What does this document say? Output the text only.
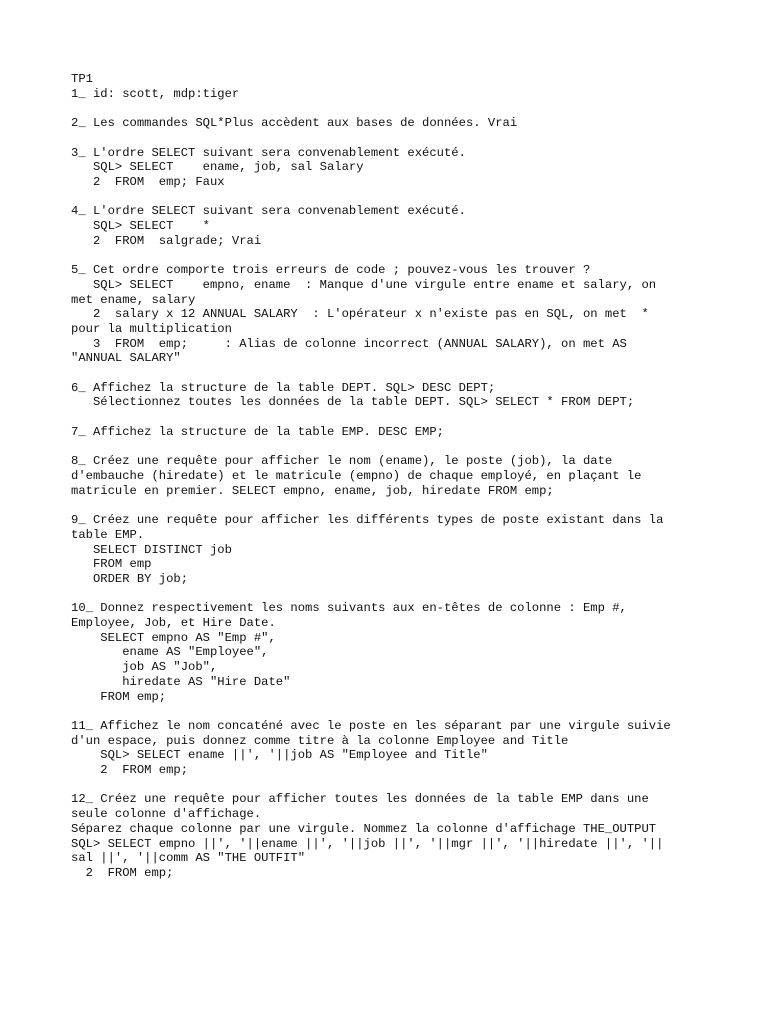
TP1
1_ id: scott, mdp:tiger

2_ Les commandes SQL*Plus accèdent aux bases de données. Vrai

3_ L'ordre SELECT suivant sera convenablement exécuté.
SQL> SELECT    ename, job, sal Salary
2  FROM  emp; Faux

4_ L'ordre SELECT suivant sera convenablement exécuté.
SQL> SELECT    *
2  FROM  salgrade; Vrai

5_ Cet ordre comporte trois erreurs de code ; pouvez-vous les trouver ?
SQL> SELECT    empno, ename  : Manque d'une virgule entre ename et salary, on
met ename, salary
2  salary x 12 ANNUAL SALARY  : L'opérateur x n'existe pas en SQL, on met  *
pour la multiplication
3  FROM  emp;     : Alias de colonne incorrect (ANNUAL SALARY), on met AS
"ANNUAL SALARY"

6_ Affichez la structure de la table DEPT. SQL> DESC DEPT;
Sélectionnez toutes les données de la table DEPT. SQL> SELECT * FROM DEPT;

7_ Affichez la structure de la table EMP. DESC EMP;

8_ Créez une requête pour afficher le nom (ename), le poste (job), la date
d'embauche (hiredate) et le matricule (empno) de chaque employé, en plaçant le
matricule en premier. SELECT empno, ename, job, hiredate FROM emp;

9_ Créez une requête pour afficher les différents types de poste existant dans la
table EMP.
SELECT DISTINCT job
FROM emp
ORDER BY job;

10_ Donnez respectivement les noms suivants aux en-têtes de colonne : Emp #,
Employee, Job, et Hire Date.
SELECT empno AS "Emp #",
ename AS "Employee",
job AS "Job",
hiredate AS "Hire Date"
FROM emp;

11_ Affichez le nom concaténé avec le poste en les séparant par une virgule suivie
d'un espace, puis donnez comme titre à la colonne Employee and Title
SQL> SELECT ename ||', '||job AS "Employee and Title"
2  FROM emp;

12_ Créez une requête pour afficher toutes les données de la table EMP dans une
seule colonne d'affichage.
Séparez chaque colonne par une virgule. Nommez la colonne d'affichage THE_OUTPUT
SQL> SELECT empno ||', '||ename ||', '||job ||', '||mgr ||', '||hiredate ||', '||
sal ||', '||comm AS "THE OUTFIT"
2  FROM emp;
